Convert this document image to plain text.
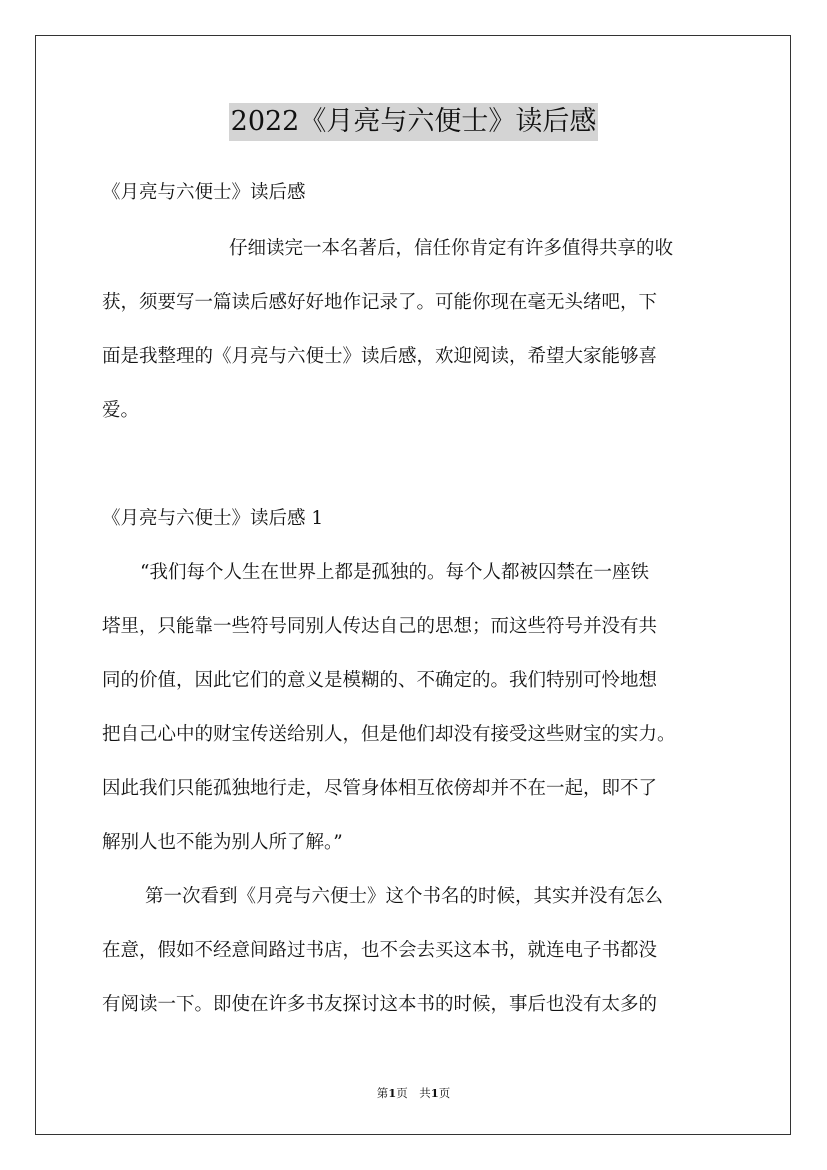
2022《月亮与六便士》读后感
《月亮与六便士》读后感
仔细读完一本名著后，信任你肯定有许多值得共享的收
获，须要写一篇读后感好好地作记录了。可能你现在毫无头绪吧，下
面是我整理的《月亮与六便士》读后感，欢迎阅读，希望大家能够喜
爱。
《月亮与六便士》读后感 1
“我们每个人生在世界上都是孤独的。每个人都被囚禁在一座铁
塔里，只能靠一些符号同别人传达自己的思想；而这些符号并没有共
同的价值，因此它们的意义是模糊的、不确定的。我们特别可怜地想
把自己心中的财宝传送给别人，但是他们却没有接受这些财宝的实力。
因此我们只能孤独地行走，尽管身体相互依傍却并不在一起，即不了
解别人也不能为别人所了解。”
第一次看到《月亮与六便士》这个书名的时候，其实并没有怎么
在意，假如不经意间路过书店，也不会去买这本书，就连电子书都没
有阅读一下。即使在许多书友探讨这本书的时候，事后也没有太多的
第1页　共1页
